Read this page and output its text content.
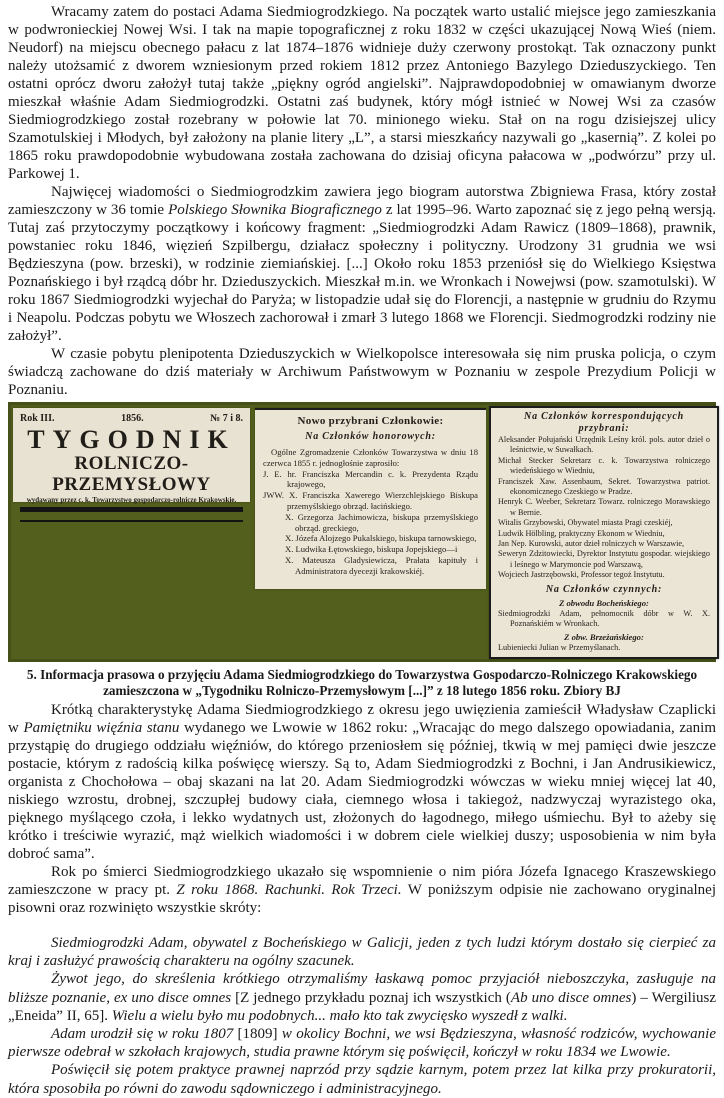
Wracamy zatem do postaci Adama Siedmiogrodzkiego. Na początek warto ustalić miejsce jego zamieszkania w podwronieckiej Nowej Wsi. I tak na mapie topograficznej z roku 1832 w części ukazującej Nową Wieś (niem. Neudorf) na miejscu obecnego pałacu z lat 1874–1876 widnieje duży czerwony prostokąt. Tak oznaczony punkt należy utożsamić z dworem wzniesionym przed rokiem 1812 przez Antoniego Bazylego Dzieduszyckiego. Ten ostatni oprócz dworu założył tutaj także „piękny ogród angielski”. Najprawdopodobniej w omawianym dworze mieszkał właśnie Adam Siedmiogrodzki. Ostatni zaś budynek, który mógł istnieć w Nowej Wsi za czasów Siedmiogrodzkiego został rozebrany w połowie lat 70. minionego wieku. Stał on na rogu dzisiejszej ulicy Szamotulskiej i Młodych, był założony na planie litery „L”, a starsi mieszkańcy nazywali go „kasernią”. Z kolei po 1865 roku prawdopodobnie wybudowana została zachowana do dzisiaj oficyna pałacowa w „podwórzu” przy ul. Parkowej 1.

Najwięcej wiadomości o Siedmiogrodzkim zawiera jego biogram autorstwa Zbigniewa Frasa, który został zamieszczony w 36 tomie Polskiego Słownika Biograficznego z lat 1995–96. Warto zapoznać się z jego pełną wersją. Tutaj zaś przytoczymy początkowy i końcowy fragment: „Siedmiogrodzki Adam Rawicz (1809–1868), prawnik, powstaniec roku 1846, więzień Szpilbergu, działacz społeczny i polityczny. Urodzony 31 grudnia we wsi Będzieszyna (pow. brzeski), w rodzinie ziemiańskiej. [...] Około roku 1853 przeniósł się do Wielkiego Księstwa Poznańskiego i był rządcą dóbr hr. Dzieduszyckich. Mieszkał m.in. we Wronkach i Nowejwsi (pow. szamotulski). W roku 1867 Siedmiogrodzki wyjechał do Paryża; w listopadzie udał się do Florencji, a następnie w grudniu do Rzymu i Neapolu. Podczas pobytu we Włoszech zachorował i zmarł 3 lutego 1868 we Florencji. Siedmogrodzki rodziny nie założył”.

W czasie pobytu plenipotenta Dzieduszyckich w Wielkopolsce interesowała się nim pruska policja, o czym świadczą zachowane do dziś materiały w Archiwum Państwowym w Poznaniu w zespole Prezydium Policji w Poznaniu.

Rok III.	1856.	№ 7 i 8.
TYGODNIK
ROLNICZO-PRZEMYSŁOWY
wydawany przez c. k. Towarzystwo gospodarczo-rolnicze Krakowskie.
Nowo przybrani Członkowie:
Na Członków honorowych:

Ogólne Zgromadzenie Członków Towarzystwa w dniu 18 czerwca 1855 r. jednogłośnie zaprosiło:

J. E. hr. Franciszka Mercandin c. k. Prezydenta Rządu krajowego,

JWW. X. Franciszka Xawerego Wierzchlejskiego Biskupa przemyślskiego obrząd. łacińskiego.

X. Grzegorza Jachimowicza, biskupa przemyślskiego obrząd. greckiego,

X. Józefa Alojzego Pukalskiego, biskupa tarnowskiego,

X. Ludwika Łętowskiego, biskupa Jopejskiego—i

X. Mateusza Gladysiewicza, Prałata kapituły i Administratora dyecezji krakowskiéj.

Na Członków korrespondujących przybrani:

Aleksander Połujański Urzędnik Leśny król. pols. autor dzieł o leśnictwie, w Suwałkach.

Michał Stecker Sekretarz c. k. Towarzystwa rolniczego wiedeńskiego w Wiedniu,

Franciszek Xaw. Assenbaum, Sekret. Towarzystwa patriot. ekonomicznego Czeskiego w Pradze.

Henryk C. Weeber, Sekretarz Towarz. rolniczego Morawskiego w Bernie.

Witalis Grzybowski, Obywatel miasta Pragi czeskiéj,

Ludwik Hölbling, praktyczny Ekonom w Wiedniu,

Jan Nep. Kurowski, autor dzieł rolniczych w Warszawie,

Seweryn Zdzitowiecki, Dyrektor Instytutu gospodar. wiejskiego i leśnego w Marymoncie pod Warszawą,

Wojciech Jastrzębowski, Professor tegoż Instytutu.

Na Członków czynnych:
Z obwodu Bocheńskiego:

Siedmiogrodzki Adam, pełnomocnik dóbr w W. X. Poznańskiém w Wronkach.

Z obw. Brzeżańskiego:

Lubieniecki Julian w Przemyślanach.

5. Informacja prasowa o przyjęciu Adama Siedmiogrodzkiego do Towarzystwa Gospodarczo-Rolniczego Krakowskiego
zamieszczona w „Tygodniku Rolniczo-Przemysłowym [...]” z 18 lutego 1856 roku. Zbiory BJ

Krótką charakterystykę Adama Siedmiogrodzkiego z okresu jego uwięzienia zamieścił Władysław Czaplicki w Pamiętniku więźnia stanu wydanego we Lwowie w 1862 roku: „Wracając do mego dalszego opowiadania, zanim przystąpię do drugiego oddziału więźniów, do którego przeniosłem się później, tkwią w mej pamięci dwie jeszcze postacie, którym z radością kilka poświęcę wierszy. Są to, Adam Siedmiogrodzki z Bochni, i Jan Andrusikiewicz, organista z Chochołowa – obaj skazani na lat 20. Adam Siedmiogrodzki wówczas w wieku mniej więcej lat 40, niskiego wzrostu, drobnej, szczupłej budowy ciała, ciemnego włosa i takiegoż, nadzwyczaj wyrazistego oka, pięknego myślącego czoła, i lekko wydatnych ust, złożonych do łagodnego, miłego uśmiechu. Był to ażeby się krótko i treściwie wyrazić, mąż wielkich wiadomości i w dobrem ciele wielkiej duszy; usposobienia w nim była dobroć sama”.

Rok po śmierci Siedmiogrodzkiego ukazało się wspomnienie o nim pióra Józefa Ignacego Kraszewskiego zamieszczone w pracy pt. Z roku 1868. Rachunki. Rok Trzeci. W poniższym odpisie nie zachowano oryginalnej pisowni oraz rozwinięto wszystkie skróty:

Siedmiogrodzki Adam, obywatel z Bocheńskiego w Galicji, jeden z tych ludzi którym dostało się cierpieć za kraj i zasłużyć prawością charakteru na ogólny szacunek.

Żywot jego, do skreślenia krótkiego otrzymaliśmy łaskawą pomoc przyjaciół nieboszczyka, zasługuje na bliższe poznanie, ex uno disce omnes [Z jednego przykładu poznaj ich wszystkich (Ab uno disce omnes) – Wergiliusz „Eneida” II, 65]. Wielu a wielu było mu podobnych... mało kto tak zwycięsko wyszedł z walki.

Adam urodził się w roku 1807 [1809] w okolicy Bochni, we wsi Będzieszyna, własność rodziców, wychowanie pierwsze odebrał w szkołach krajowych, studia prawne którym się poświęcił, kończył w roku 1834 we Lwowie.

Poświęcił się potem praktyce prawnej naprzód przy sądzie karnym, potem przez lat kilka przy prokuratorii, która sposobiła po równi do zawodu sądowniczego i administracyjnego.
